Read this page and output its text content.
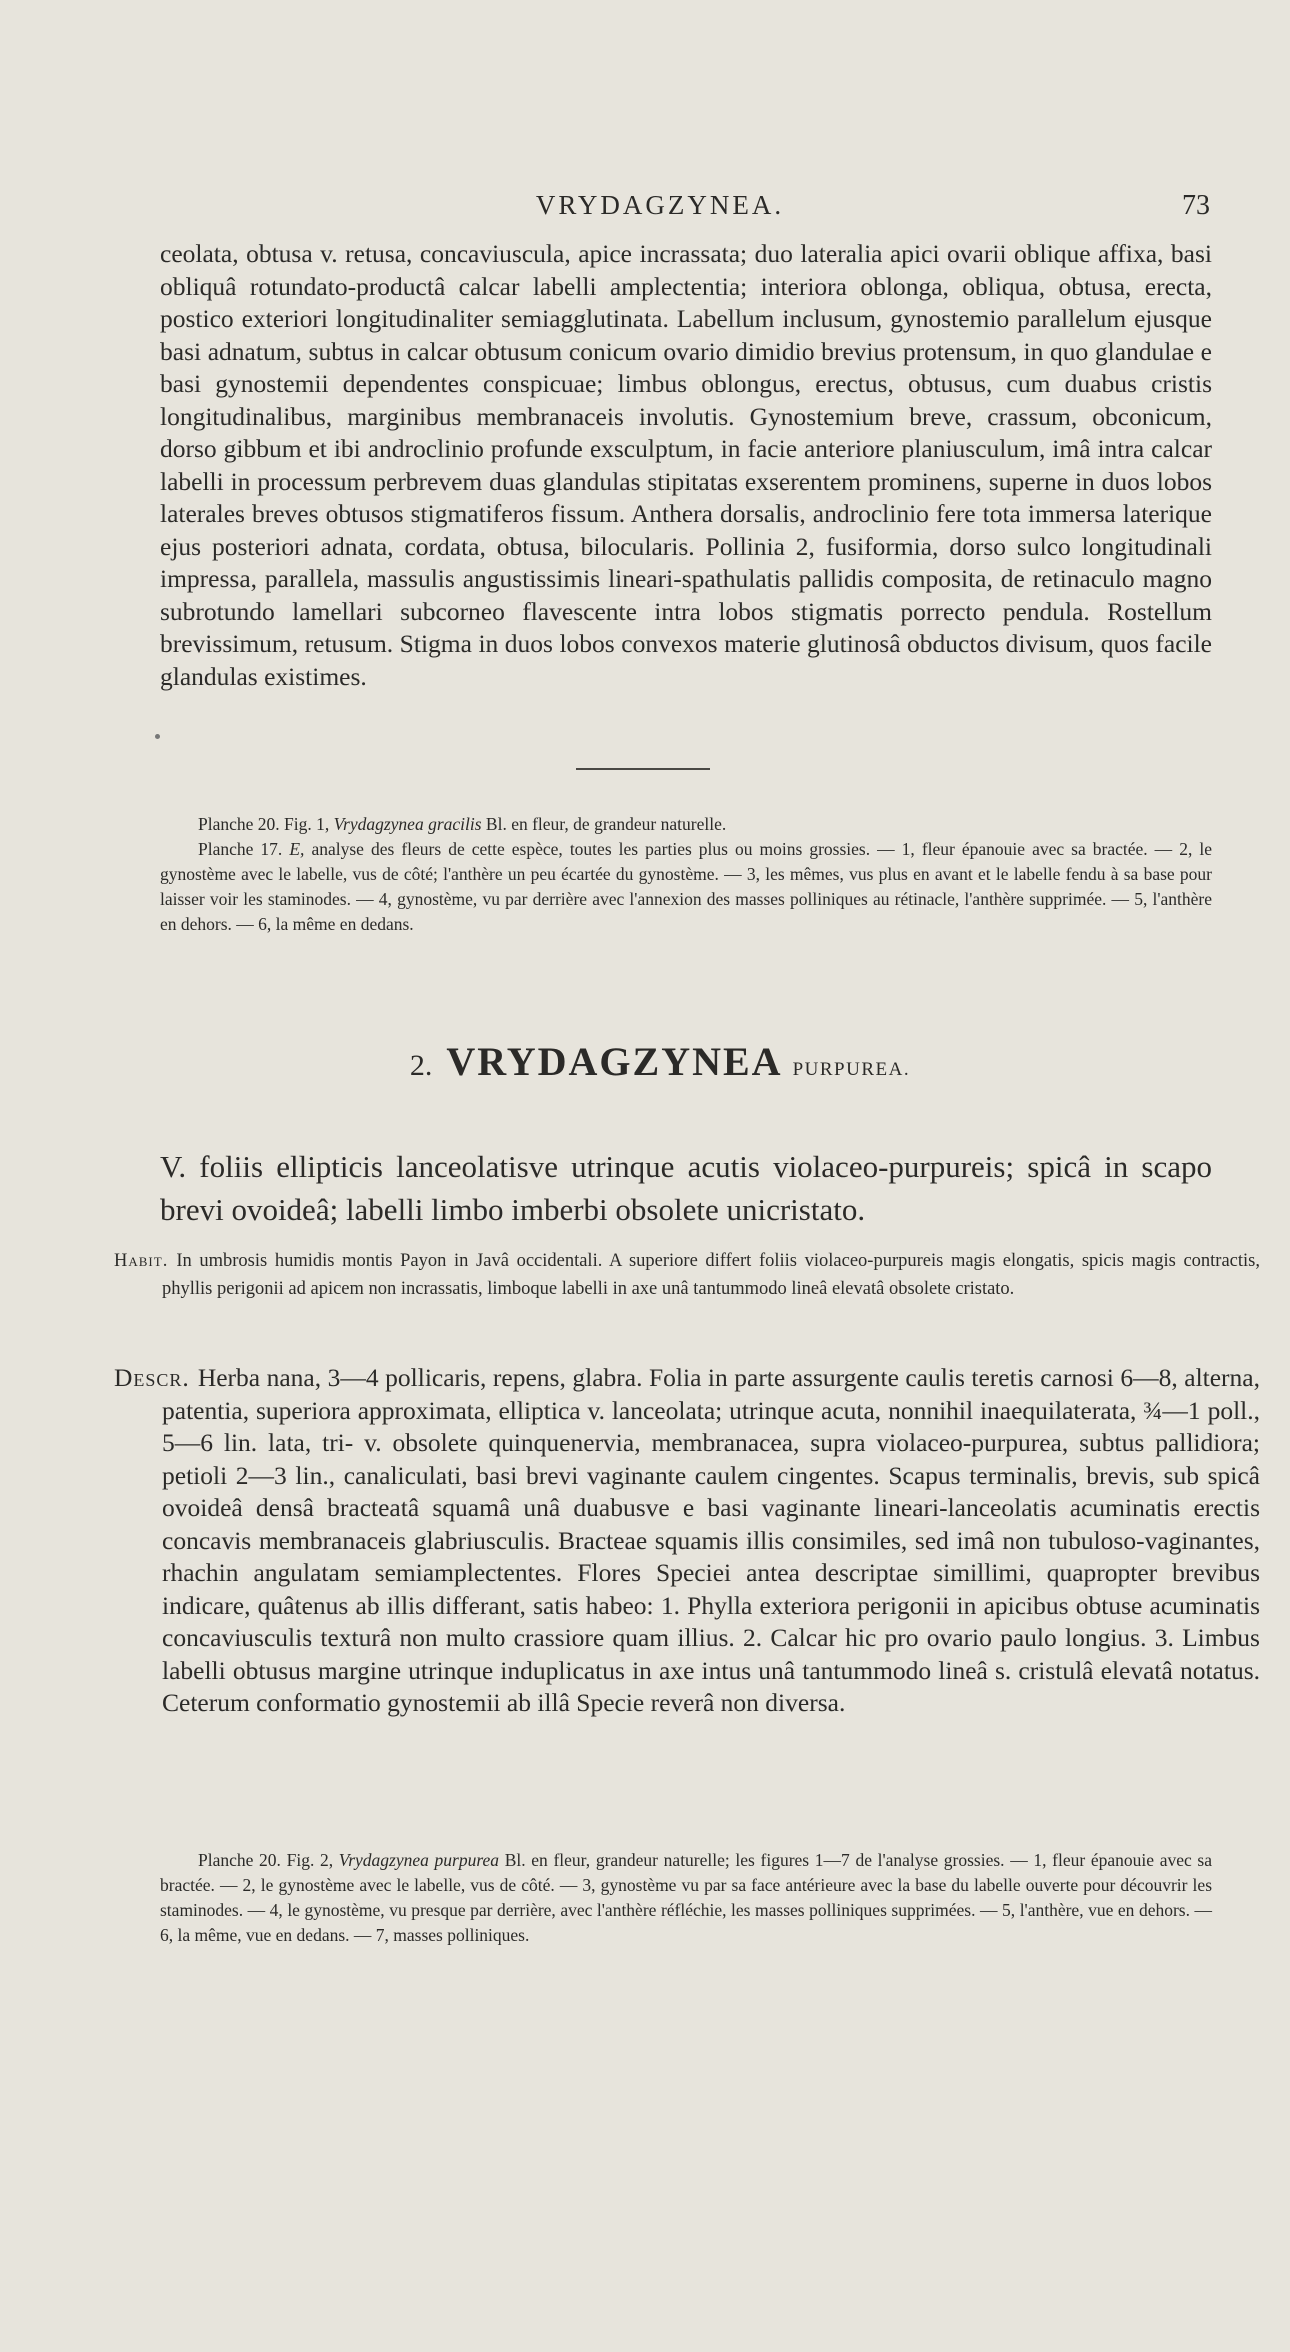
VRYDAGZYNEA.	73

ceolata, obtusa v. retusa, concaviuscula, apice incrassata; duo lateralia apici ovarii oblique affixa, basi obliquâ rotundato-productâ calcar labelli amplectentia; interiora oblonga, obliqua, obtusa, erecta, postico exteriori longitudinaliter semiagglutinata. Labellum inclusum, gynostemio parallelum ejusque basi adnatum, subtus in calcar obtusum conicum ovario dimidio brevius protensum, in quo glandulae e basi gynostemii dependentes conspicuae; limbus oblongus, erectus, obtusus, cum duabus cristis longitudinalibus, marginibus membranaceis involutis. Gynostemium breve, crassum, obconicum, dorso gibbum et ibi androclinio profunde exsculptum, in facie anteriore planiusculum, imâ intra calcar labelli in processum perbrevem duas glandulas stipitatas exserentem prominens, superne in duos lobos laterales breves obtusos stigmatiferos fissum. Anthera dorsalis, androclinio fere tota immersa laterique ejus posteriori adnata, cordata, obtusa, bilocularis. Pollinia 2, fusiformia, dorso sulco longitudinali impressa, parallela, massulis angustissimis lineari-spathulatis pallidis composita, de retinaculo magno subrotundo lamellari subcorneo flavescente intra lobos stigmatis porrecto pendula. Rostellum brevissimum, retusum. Stigma in duos lobos convexos materie glutinosâ obductos divisum, quos facile glandulas existimes.

Planche 20. Fig. 1, Vrydagzynea gracilis Bl. en fleur, de grandeur naturelle.

Planche 17. E, analyse des fleurs de cette espèce, toutes les parties plus ou moins grossies. — 1, fleur épanouie avec sa bractée. — 2, le gynostème avec le labelle, vus de côté; l'anthère un peu écartée du gynostème. — 3, les mêmes, vus plus en avant et le labelle fendu à sa base pour laisser voir les staminodes. — 4, gynostème, vu par derrière avec l'annexion des masses polliniques au rétinacle, l'anthère supprimée. — 5, l'anthère en dehors. — 6, la même en dedans.

2. VRYDAGZYNEA PURPUREA.

V. foliis ellipticis lanceolatisve utrinque acutis violaceo-purpureis; spicâ in scapo brevi ovoideâ; labelli limbo imberbi obsolete unicristato.

Habit. In umbrosis humidis montis Payon in Javâ occidentali. A superiore differt foliis violaceo-purpureis magis elongatis, spicis magis contractis, phyllis perigonii ad apicem non incrassatis, limboque labelli in axe unâ tantummodo lineâ elevatâ obsolete cristato.

Descr. Herba nana, 3—4 pollicaris, repens, glabra. Folia in parte assurgente caulis teretis carnosi 6—8, alterna, patentia, superiora approximata, elliptica v. lanceolata; utrinque acuta, nonnihil inaequilaterata, ¾—1 poll., 5—6 lin. lata, tri- v. obsolete quinquenervia, membranacea, supra violaceo-purpurea, subtus pallidiora; petioli 2—3 lin., canaliculati, basi brevi vaginante caulem cingentes. Scapus terminalis, brevis, sub spicâ ovoideâ densâ bracteatâ squamâ unâ duabusve e basi vaginante lineari-lanceolatis acuminatis erectis concavis membranaceis glabriusculis. Bracteae squamis illis consimiles, sed imâ non tubuloso-vaginantes, rhachin angulatam semiamplectentes. Flores Speciei antea descriptae simillimi, quapropter brevibus indicare, quâtenus ab illis differant, satis habeo: 1. Phylla exteriora perigonii in apicibus obtuse acuminatis concaviusculis texturâ non multo crassiore quam illius. 2. Calcar hic pro ovario paulo longius. 3. Limbus labelli obtusus margine utrinque induplicatus in axe intus unâ tantummodo lineâ s. cristulâ elevatâ notatus. Ceterum conformatio gynostemii ab illâ Specie reverâ non diversa.

Planche 20. Fig. 2, Vrydagzynea purpurea Bl. en fleur, grandeur naturelle; les figures 1—7 de l'analyse grossies. — 1, fleur épanouie avec sa bractée. — 2, le gynostème avec le labelle, vus de côté. — 3, gynostème vu par sa face antérieure avec la base du labelle ouverte pour découvrir les staminodes. — 4, le gynostème, vu presque par derrière, avec l'anthère réfléchie, les masses polliniques supprimées. — 5, l'anthère, vue en dehors. — 6, la même, vue en dedans. — 7, masses polliniques.
